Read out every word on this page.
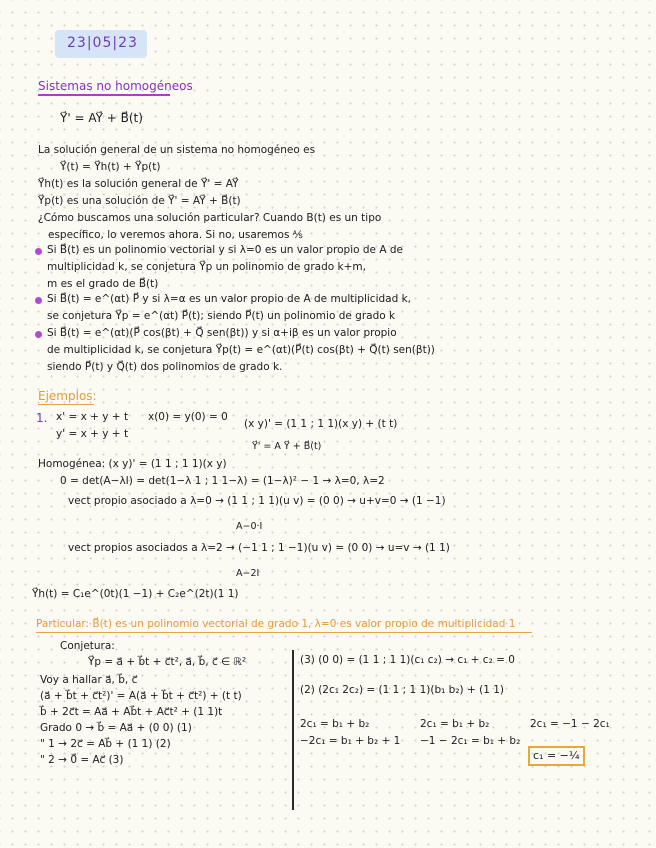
23|05|23
Sistemas no homogéneos
Y⃗' = AY⃗ + B⃗(t)
La solución general de un sistema no homogéneo es
Y⃗(t) = Y⃗h(t) + Y⃗p(t)
Y⃗h(t) es la solución general de Y⃗' = AY⃗
Y⃗p(t) es una solución de Y⃗' = AY⃗ + B⃗(t)
¿Cómo buscamos una solución particular? Cuando B(t) es un tipo
específico, lo veremos ahora. Si no, usaremos ⅍
Si B⃗(t) es un polinomio vectorial y si λ=0 es un valor propio de A de
multiplicidad k, se conjetura Y⃗p un polinomio de grado k+m,
m es el grado de B⃗(t)
Si B⃗(t) = e^(αt) P⃗ y si λ=α es un valor propio de A de multiplicidad k,
se conjetura Y⃗p = e^(αt) P⃗(t); siendo P⃗(t) un polinomio de grado k
Si B⃗(t) = e^(αt)(P⃗ cos(βt) + Q⃗ sen(βt)) y si α+iβ es un valor propio
de multiplicidad k, se conjetura Y⃗p(t) = e^(αt)(P⃗(t) cos(βt) + Q⃗(t) sen(βt))
siendo P⃗(t) y Q⃗(t) dos polinomios de grado k.
Ejemplos:
1. x' = x + y + t
y' = x + y + t
x(0) = y(0) = 0
(x y)' = (1 1 ; 1 1)(x y) + (t t)
Y⃗' = A Y⃗ + B⃗(t)
Homogénea: (x y)' = (1 1 ; 1 1)(x y)
0 = det(A−λI) = det(1−λ 1 ; 1 1−λ) = (1−λ)² − 1 → λ=0, λ=2
vect propio asociado a λ=0 → (1 1 ; 1 1)(u v) = (0 0) → u+v=0 → (1 −1)
A−0·I
vect propios asociados a λ=2 → (−1 1 ; 1 −1)(u v) = (0 0) → u=v → (1 1)
A−2I
Y⃗h(t) = C₁e^(0t)(1 −1) + C₂e^(2t)(1 1)
Particular: B⃗(t) es un polinomio vectorial de grado 1, λ=0 es valor propio de multiplicidad 1
Conjetura:
Y⃗p = a⃗ + b⃗t + c⃗t², a⃗, b⃗, c⃗ ∈ ℝ²
Voy a hallar a⃗, b⃗, c⃗
(a⃗ + b⃗t + c⃗t²)' = A(a⃗ + b⃗t + c⃗t²) + (t t)
b⃗ + 2c⃗t = Aa⃗ + Ab⃗t + Ac⃗t² + (1 1)t
Grado 0 → b⃗ = Aa⃗ + (0 0) (1)
" 1 → 2c⃗ = Ab⃗ + (1 1) (2)
" 2 → 0⃗ = Ac⃗ (3)
(3) (0 0) = (1 1 ; 1 1)(c₁ c₂) → c₁ + c₂ = 0
(2) (2c₁ 2c₂) = (1 1 ; 1 1)(b₁ b₂) + (1 1)
2c₁ = b₁ + b₂
−2c₁ = b₁ + b₂ + 1
2c₁ = b₁ + b₂
−1 − 2c₁ = b₁ + b₂
2c₁ = −1 − 2c₁
c₁ = −¼
